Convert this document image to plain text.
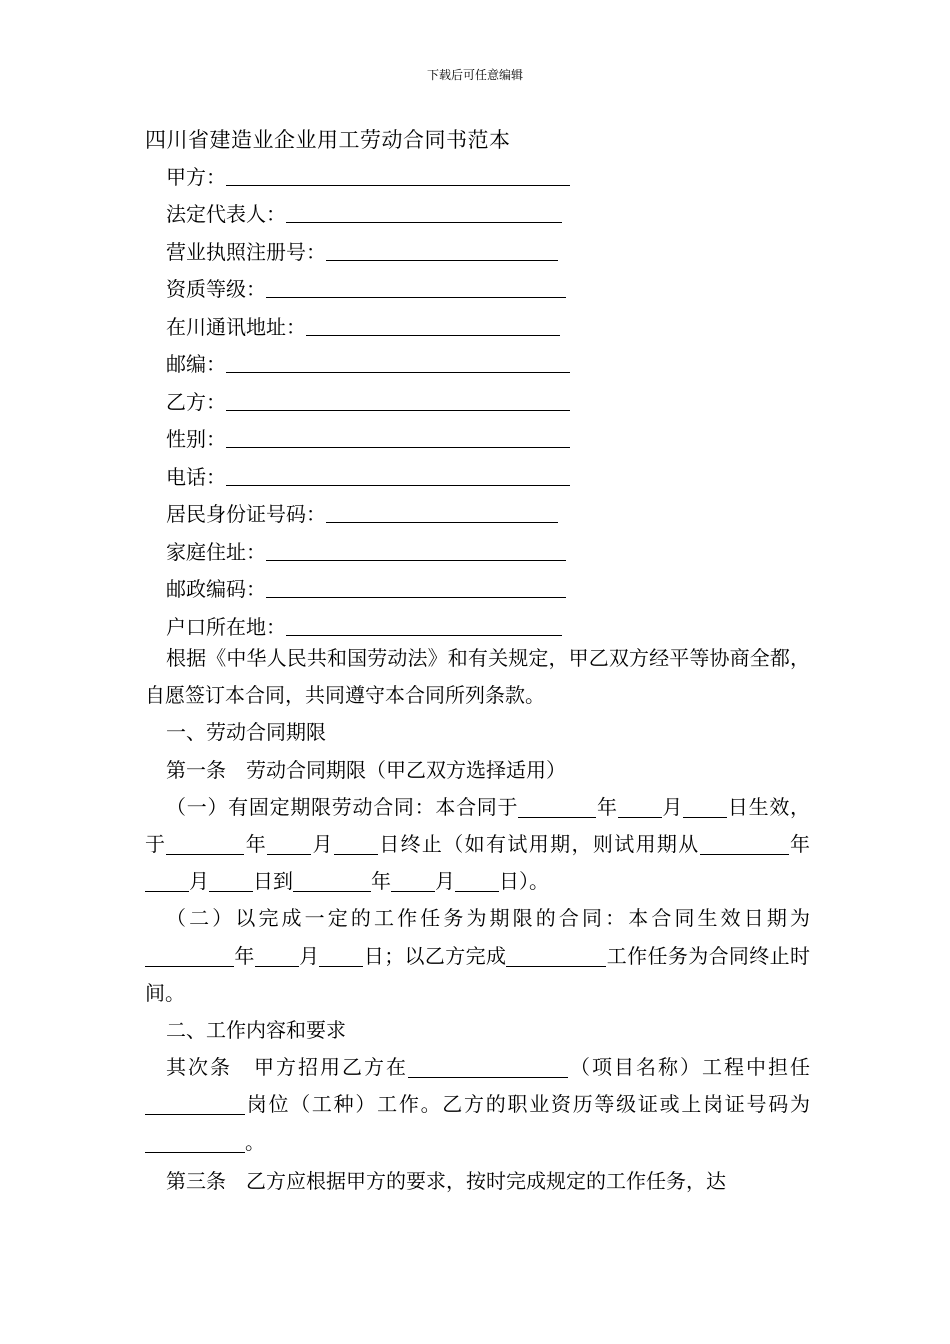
下载后可任意编辑
四川省建造业企业用工劳动合同书范本
甲方：
法定代表人：
营业执照注册号：
资质等级：
在川通讯地址：
邮编：
乙方：
性别：
电话：
居民身份证号码：
家庭住址：
邮政编码：
户口所在地：

根据《中华人民共和国劳动法》和有关规定，甲乙双方经平等协商全都，自愿签订本合同，共同遵守本合同所列条款。

一、劳动合同期限

第一条　劳动合同期限（甲乙双方选择适用）

（一）有固定期限劳动合同：本合同于	年 月 日生效，于	年 月 日终止（如有试用期，则试用期从	年月 日到	年 月 日）。

（二）以完成一定的工作任务为期限的合同：本合同生效日期为年 月 日；以乙方完成	工作任务为合同终止时间。

二、工作内容和要求

其次条　甲方招用乙方在	（项目名称）工程中担任岗位（工种）工作。乙方的职业资历等级证或上岗证号码为。

第三条　乙方应根据甲方的要求，按时完成规定的工作任务，达
